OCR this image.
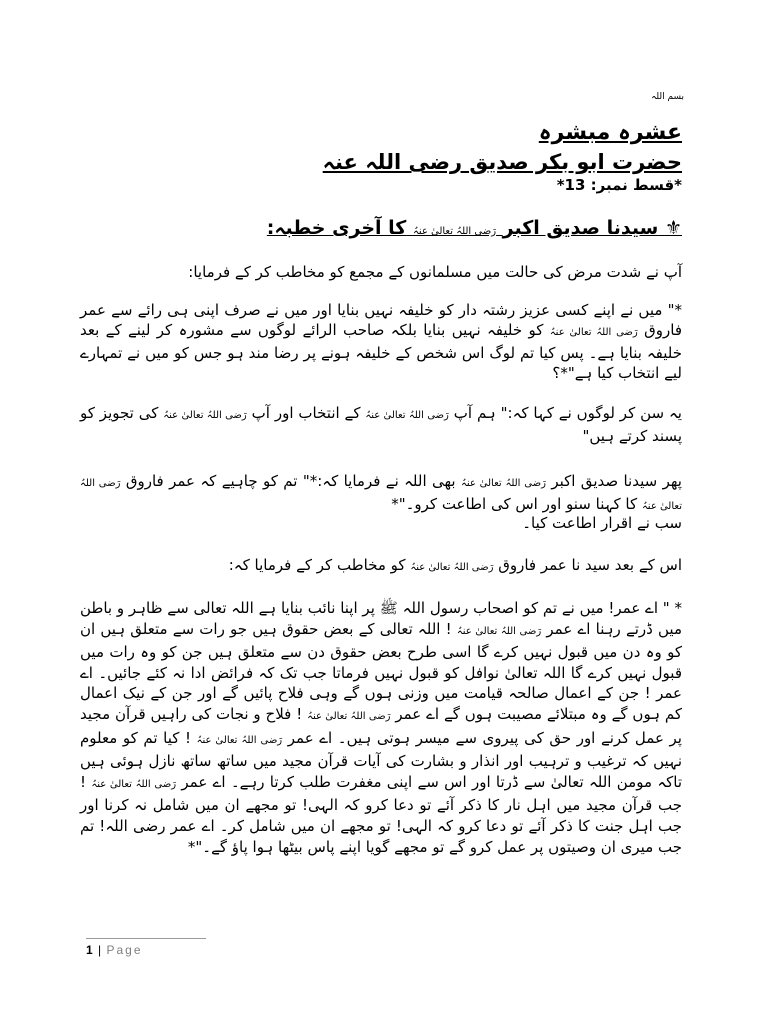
بسم اللہ
عشرہ مبشرہ
حضرت ابو بکر صدیق رضی اللہ عنہ
*قسط نمبر: 13*
⚜ سیدنا صدیق اکبر رَضی اللہُ تعالیٰ عنہُ کا آخری خطبہ:
آپ نے شدت مرض کی حالت میں مسلمانوں کے مجمع کو مخاطب کر کے فرمایا:
*" میں نے اپنے کسی عزیز رشتہ دار کو خلیفہ نہیں بنایا اور میں نے صرف اپنی ہی رائے سے عمر فاروق رَضی اللہُ تعالیٰ عنہُ کو خلیفہ نہیں بنایا بلکہ صاحب الرائے لوگوں سے مشورہ کر لینے کے بعد خلیفہ بنایا ہے۔ پس کیا تم لوگ اس شخص کے خلیفہ ہونے پر رضا مند ہو جس کو میں نے تمہارے لیے انتخاب کیا ہے"*؟
یہ سن کر لوگوں نے کہا کہ:" ہم آپ رَضی اللہُ تعالیٰ عنہُ کے انتخاب اور آپ رَضی اللہُ تعالیٰ عنہُ کی تجویز کو پسند کرتے ہیں"
پھر سیدنا صدیق اکبر رَضی اللہُ تعالیٰ عنہُ بھی اللہ نے فرمایا کہ:*" تم کو چاہیے کہ عمر فاروق رَضی اللہُ تعالیٰ عنہُ کا کہنا سنو اور اس کی اطاعت کرو۔"*
سب نے اقرار اطاعت کیا۔
اس کے بعد سید نا عمر فاروق رَضی اللہُ تعالیٰ عنہُ کو مخاطب کر کے فرمایا کہ:
* " اے عمر! میں نے تم کو اصحاب رسول اللہ ﷺ پر اپنا نائب بنایا ہے اللہ تعالی سے ظاہر و باطن میں ڈرتے رہنا اے عمر رَضی اللہُ تعالیٰ عنہُ ! اللہ تعالی کے بعض حقوق ہیں جو رات سے متعلق ہیں ان کو وہ دن میں قبول نہیں کرے گا اسی طرح بعض حقوق دن سے متعلق ہیں جن کو وہ رات میں قبول نہیں کرے گا اللہ تعالیٰ نوافل کو قبول نہیں فرماتا جب تک کہ فرائض ادا نہ کئے جائیں۔ اے عمر ! جن کے اعمال صالحہ قیامت میں وزنی ہوں گے وہی فلاح پائیں گے اور جن کے نیک اعمال کم ہوں گے وہ مبتلائے مصیبت ہوں گے اے عمر رَضی اللہُ تعالیٰ عنہُ ! فلاح و نجات کی راہیں قرآن مجید پر عمل کرنے اور حق کی پیروی سے میسر ہوتی ہیں۔ اے عمر رَضی اللہُ تعالیٰ عنہُ ! کیا تم کو معلوم نہیں کہ ترغیب و ترہیب اور انذار و بشارت کی آیات قرآن مجید میں ساتھ ساتھ نازل ہوئی ہیں تاکہ مومن اللہ تعالیٰ سے ڈرتا اور اس سے اپنی مغفرت طلب کرتا رہے۔ اے عمر رَضی اللہُ تعالیٰ عنہُ ! جب قرآن مجید میں اہل نار کا ذکر آئے تو دعا کرو کہ الہی! تو مجھے ان میں شامل نہ کرنا اور جب اہل جنت کا ذکر آئے تو دعا کرو کہ الہی! تو مجھے ان میں شامل کر۔ اے عمر رضی اللہ! تم جب میری ان وصیتوں پر عمل کرو گے تو مجھے گویا اپنے پاس بیٹھا ہوا پاؤ گے۔"*
1 | Page
